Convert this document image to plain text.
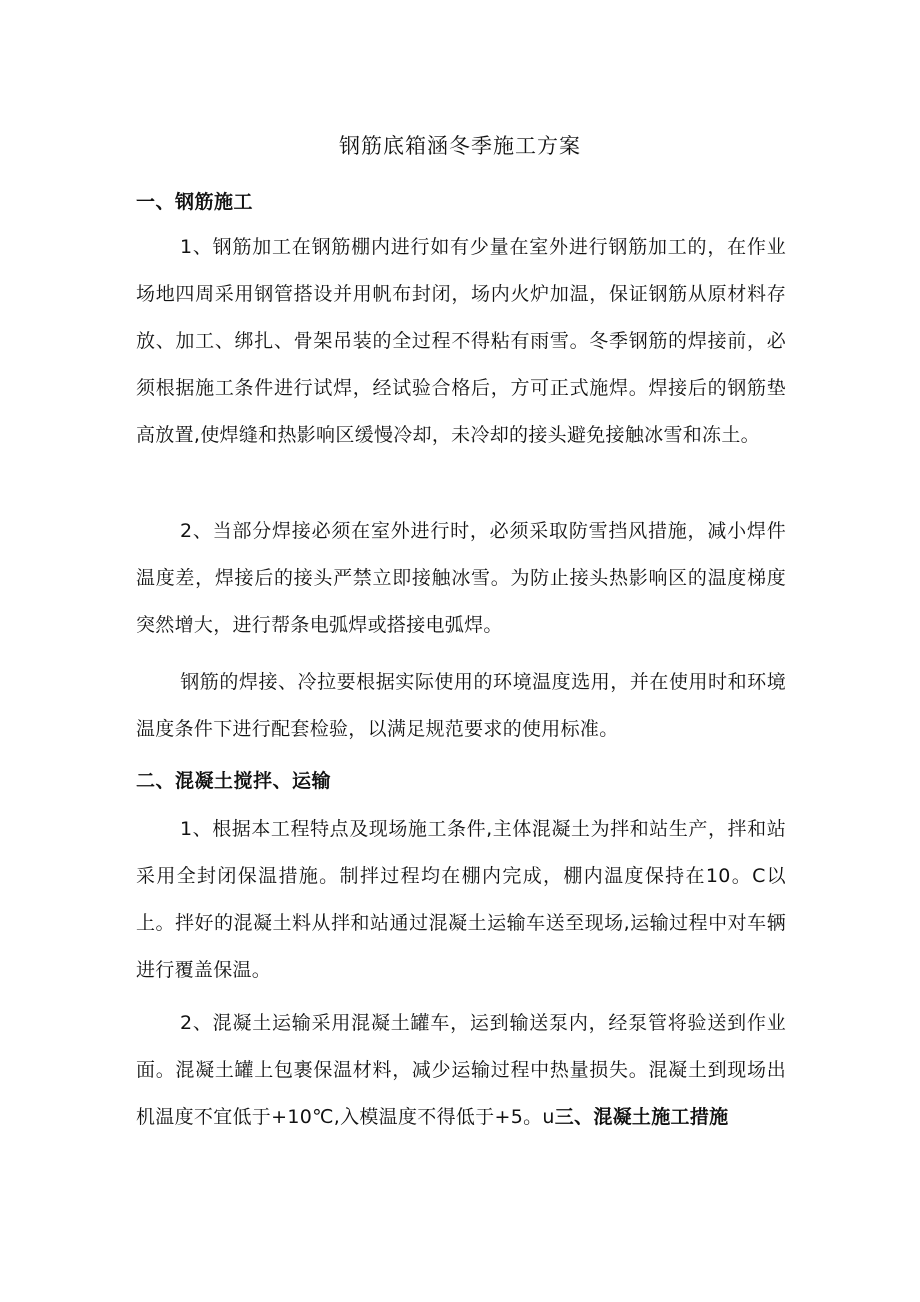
钢筋底箱涵冬季施工方案
一、钢筋施工

1、钢筋加工在钢筋棚内进行如有少量在室外进行钢筋加工的，在作业场地四周采用钢管搭设并用帆布封闭，场内火炉加温，保证钢筋从原材料存放、加工、绑扎、骨架吊装的全过程不得粘有雨雪。冬季钢筋的焊接前，必须根据施工条件进行试焊，经试验合格后，方可正式施焊。焊接后的钢筋垫高放置,使焊缝和热影响区缓慢冷却，未冷却的接头避免接触冰雪和冻土。

2、当部分焊接必须在室外进行时，必须采取防雪挡风措施，减小焊件温度差，焊接后的接头严禁立即接触冰雪。为防止接头热影响区的温度梯度突然增大，进行帮条电弧焊或搭接电弧焊。

钢筋的焊接、冷拉要根据实际使用的环境温度选用，并在使用时和环境温度条件下进行配套检验，以满足规范要求的使用标准。

二、混凝土搅拌、运输

1、根据本工程特点及现场施工条件,主体混凝土为拌和站生产，拌和站采用全封闭保温措施。制拌过程均在棚内完成，棚内温度保持在10。C以上。拌好的混凝土料从拌和站通过混凝土运输车送至现场,运输过程中对车辆进行覆盖保温。

2、混凝土运输采用混凝土罐车，运到输送泵内，经泵管将验送到作业面。混凝土罐上包裹保温材料，减少运输过程中热量损失。混凝土到现场出机温度不宜低于+10℃,入模温度不得低于+5。u三、混凝土施工措施
